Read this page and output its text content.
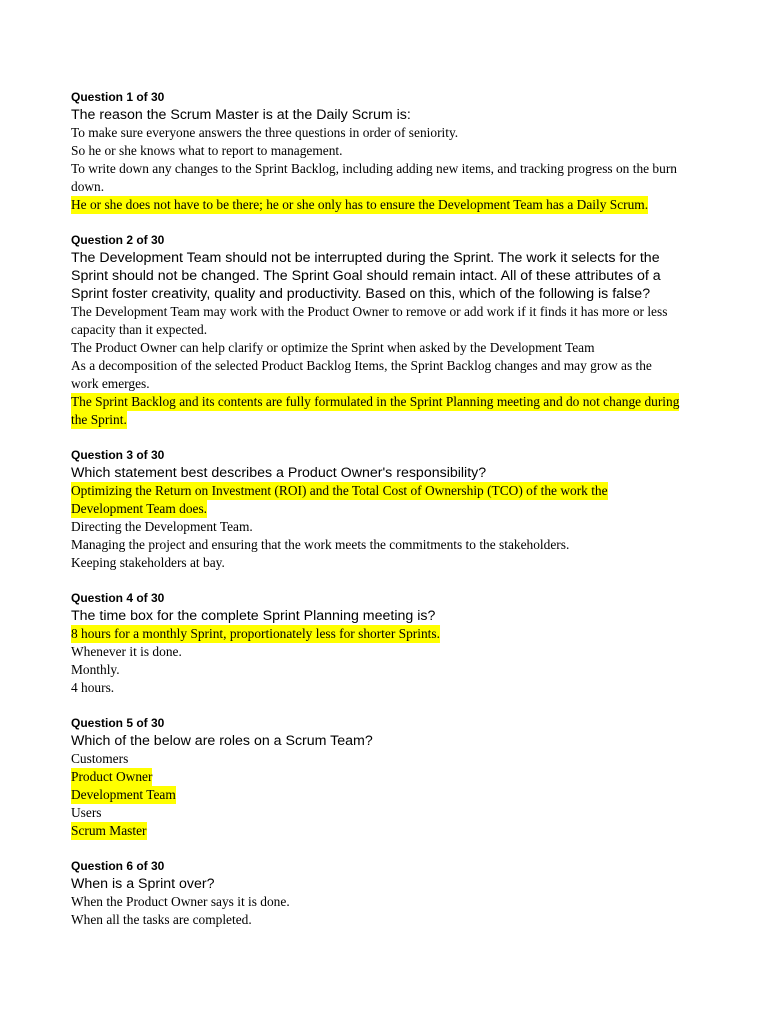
Question 1 of 30

The reason the Scrum Master is at the Daily Scrum is:

To make sure everyone answers the three questions in order of seniority.

So he or she knows what to report to management.

To write down any changes to the Sprint Backlog, including adding new items, and tracking progress on the burn down.

He or she does not have to be there; he or she only has to ensure the Development Team has a Daily Scrum.

Question 2 of 30

The Development Team should not be interrupted during the Sprint. The work it selects for the Sprint should not be changed. The Sprint Goal should remain intact. All of these attributes of a Sprint foster creativity, quality and productivity. Based on this, which of the following is false?

The Development Team may work with the Product Owner to remove or add work if it finds it has more or less capacity than it expected.

The Product Owner can help clarify or optimize the Sprint when asked by the Development Team

As a decomposition of the selected Product Backlog Items, the Sprint Backlog changes and may grow as the work emerges.

The Sprint Backlog and its contents are fully formulated in the Sprint Planning meeting and do not change during the Sprint.

Question 3 of 30

Which statement best describes a Product Owner's responsibility?

Optimizing the Return on Investment (ROI) and the Total Cost of Ownership (TCO) of the work the Development Team does.

Directing the Development Team.

Managing the project and ensuring that the work meets the commitments to the stakeholders.

Keeping stakeholders at bay.

Question 4 of 30

The time box for the complete Sprint Planning meeting is?

8 hours for a monthly Sprint, proportionately less for shorter Sprints.

Whenever it is done.

Monthly.

4 hours.

Question 5 of 30

Which of the below are roles on a Scrum Team?

Customers

Product Owner

Development Team

Users

Scrum Master

Question 6 of 30

When is a Sprint over?

When the Product Owner says it is done.

When all the tasks are completed.
